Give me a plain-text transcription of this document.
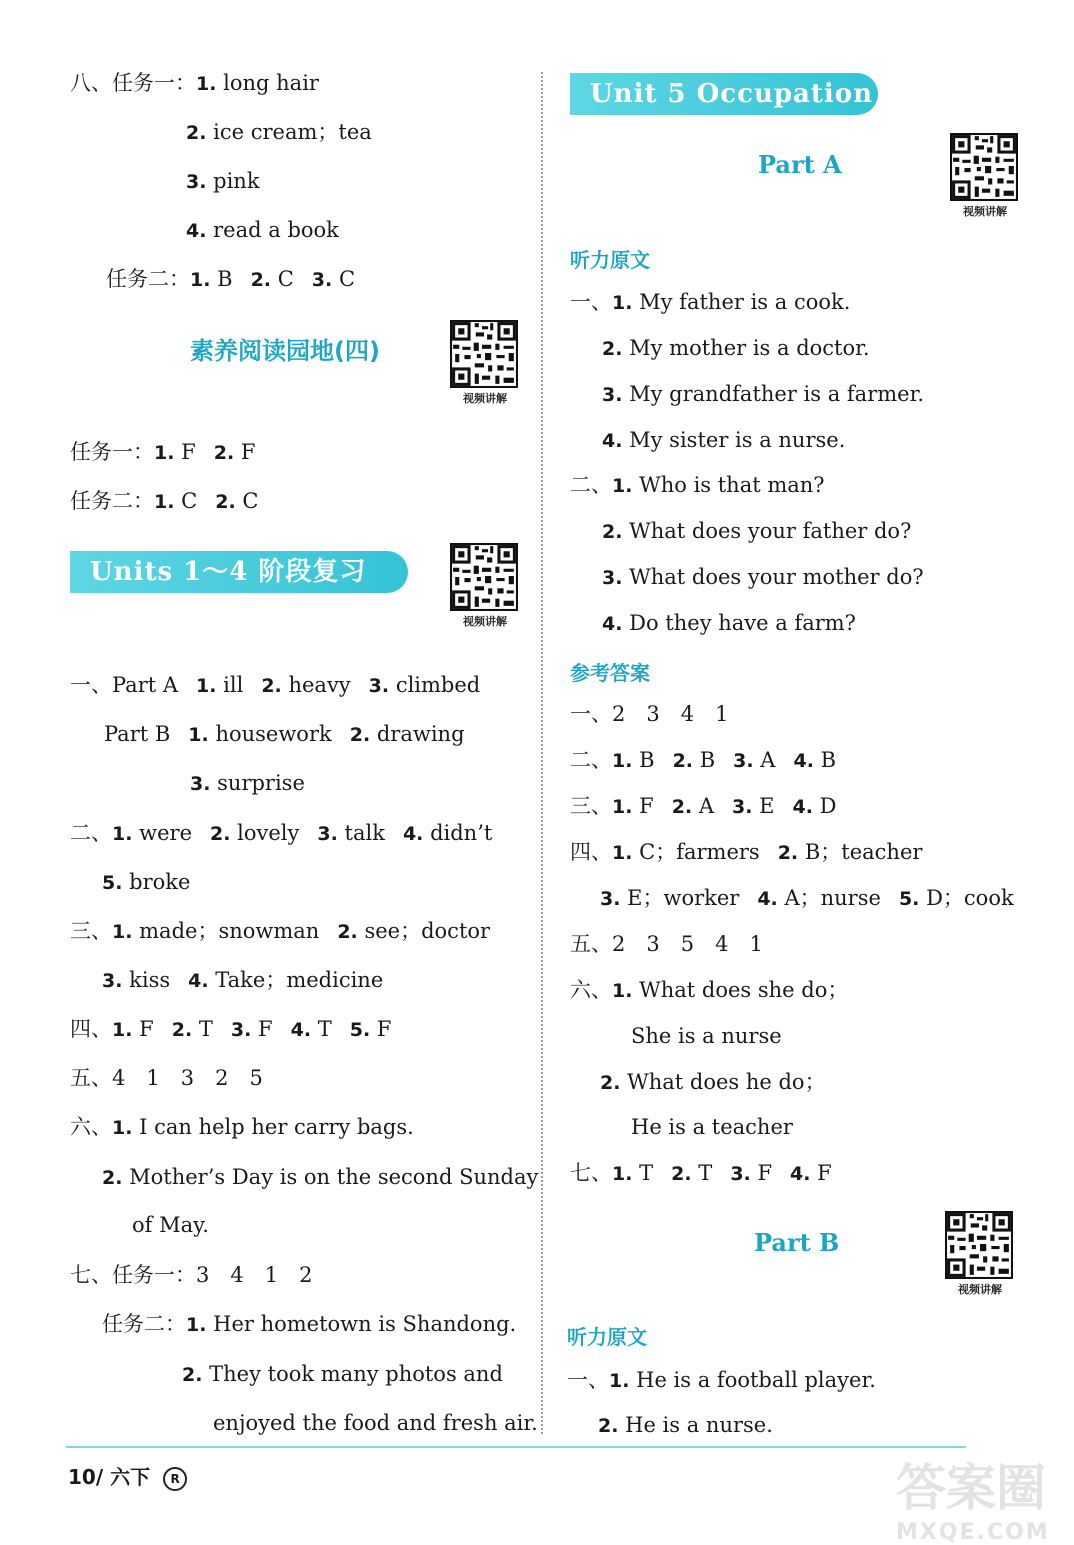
八、任务一：1. long hair
2. ice cream；tea
3. pink
4. read a book
任务二：1. B 2. C 3. C
素养阅读园地(四)
视频讲解
任务一：1. F 2. F
任务二：1. C 2. C
Units 1～4 阶段复习
视频讲解
一、Part A 1. ill 2. heavy 3. climbed
Part B 1. housework 2. drawing
3. surprise
二、1. were 2. lovely 3. talk 4. didn’t
5. broke
三、1. made；snowman 2. see；doctor
3. kiss 4. Take；medicine
四、1. F 2. T 3. F 4. T 5. F
五、4　1　3　2　5
六、1. I can help her carry bags.
2. Mother’s Day is on the second Sunday
of May.
七、任务一：3　4　1　2
任务二：1. Her hometown is Shandong.
2. They took many photos and
enjoyed the food and fresh air.
Unit 5 Occupation
Part A
视频讲解
听力原文
一、1. My father is a cook.
2. My mother is a doctor.
3. My grandfather is a farmer.
4. My sister is a nurse.
二、1. Who is that man?
2. What does your father do?
3. What does your mother do?
4. Do they have a farm?
参考答案
一、2　3　4　1
二、1. B 2. B 3. A 4. B
三、1. F 2. A 3. E 4. D
四、1. C；farmers 2. B；teacher
3. E；worker 4. A；nurse 5. D；cook
五、2　3　5　4　1
六、1. What does she do；
She is a nurse
2. What does he do；
He is a teacher
七、1. T 2. T 3. F 4. F
Part B
视频讲解
听力原文
一、1. He is a football player.
2. He is a nurse.
10/ 六下 R	答案圈
MXQE.COM
